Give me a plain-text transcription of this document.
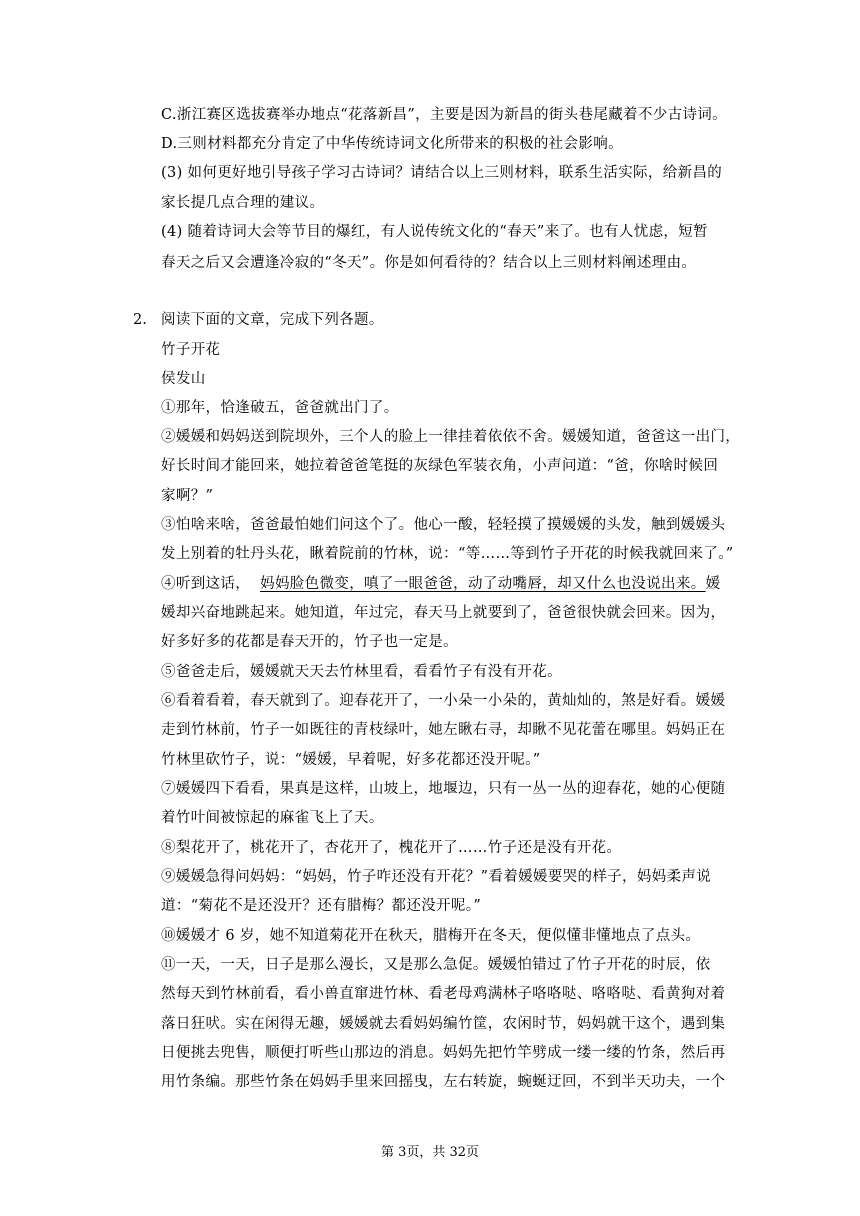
C.浙江赛区选拔赛举办地点“花落新昌”，主要是因为新昌的街头巷尾藏着不少古诗词。
D.三则材料都充分肯定了中华传统诗词文化所带来的积极的社会影响。
(3) 如何更好地引导孩子学习古诗词？请结合以上三则材料，联系生活实际，给新昌的
家长提几点合理的建议。
(4) 随着诗词大会等节目的爆红，有人说传统文化的“春天”来了。也有人忧虑，短暂
春天之后又会遭逢冷寂的“冬天”。你是如何看待的？结合以上三则材料阐述理由。
2. 阅读下面的文章，完成下列各题。
竹子开花
侯发山
①那年，恰逢破五，爸爸就出门了。
②媛媛和妈妈送到院坝外，三个人的脸上一律挂着依依不舍。媛媛知道，爸爸这一出门，
好长时间才能回来，她拉着爸爸笔挺的灰绿色军装衣角，小声问道：“爸，你啥时候回
家啊？”
③怕啥来啥，爸爸最怕她们问这个了。他心一酸，轻轻摸了摸媛媛的头发，触到媛媛头
发上别着的牡丹头花，瞅着院前的竹林，说：“等……等到竹子开花的时候我就回来了。”
④听到这话， 妈妈脸色微变，嗔了一眼爸爸，动了动嘴唇，却又什么也没说出来。媛
媛却兴奋地跳起来。她知道，年过完，春天马上就要到了，爸爸很快就会回来。因为，
好多好多的花都是春天开的，竹子也一定是。
⑤爸爸走后，媛媛就天天去竹林里看，看看竹子有没有开花。
⑥看着看着，春天就到了。迎春花开了，一小朵一小朵的，黄灿灿的，煞是好看。媛媛
走到竹林前，竹子一如既往的青枝绿叶，她左瞅右寻，却瞅不见花蕾在哪里。妈妈正在
竹林里砍竹子，说：“媛媛，早着呢，好多花都还没开呢。”
⑦媛媛四下看看，果真是这样，山坡上，地堰边，只有一丛一丛的迎春花，她的心便随
着竹叶间被惊起的麻雀飞上了天。
⑧梨花开了，桃花开了，杏花开了，槐花开了……竹子还是没有开花。
⑨媛媛急得问妈妈：“妈妈，竹子咋还没有开花？”看着媛媛要哭的样子，妈妈柔声说
道：“菊花不是还没开？还有腊梅？都还没开呢。”
⑩媛媛才 6 岁，她不知道菊花开在秋天，腊梅开在冬天，便似懂非懂地点了点头。
⑪一天，一天，日子是那么漫长，又是那么急促。媛媛怕错过了竹子开花的时辰，依
然每天到竹林前看，看小兽直窜进竹林、看老母鸡满林子咯咯哒、咯咯哒、看黄狗对着
落日狂吠。实在闲得无趣，媛媛就去看妈妈编竹筐，农闲时节，妈妈就干这个，遇到集
日便挑去兜售，顺便打听些山那边的消息。妈妈先把竹竿劈成一缕一缕的竹条，然后再
用竹条编。那些竹条在妈妈手里来回摇曳，左右转旋，蜿蜒迂回，不到半天功夫，一个
第 3页，共 32页
